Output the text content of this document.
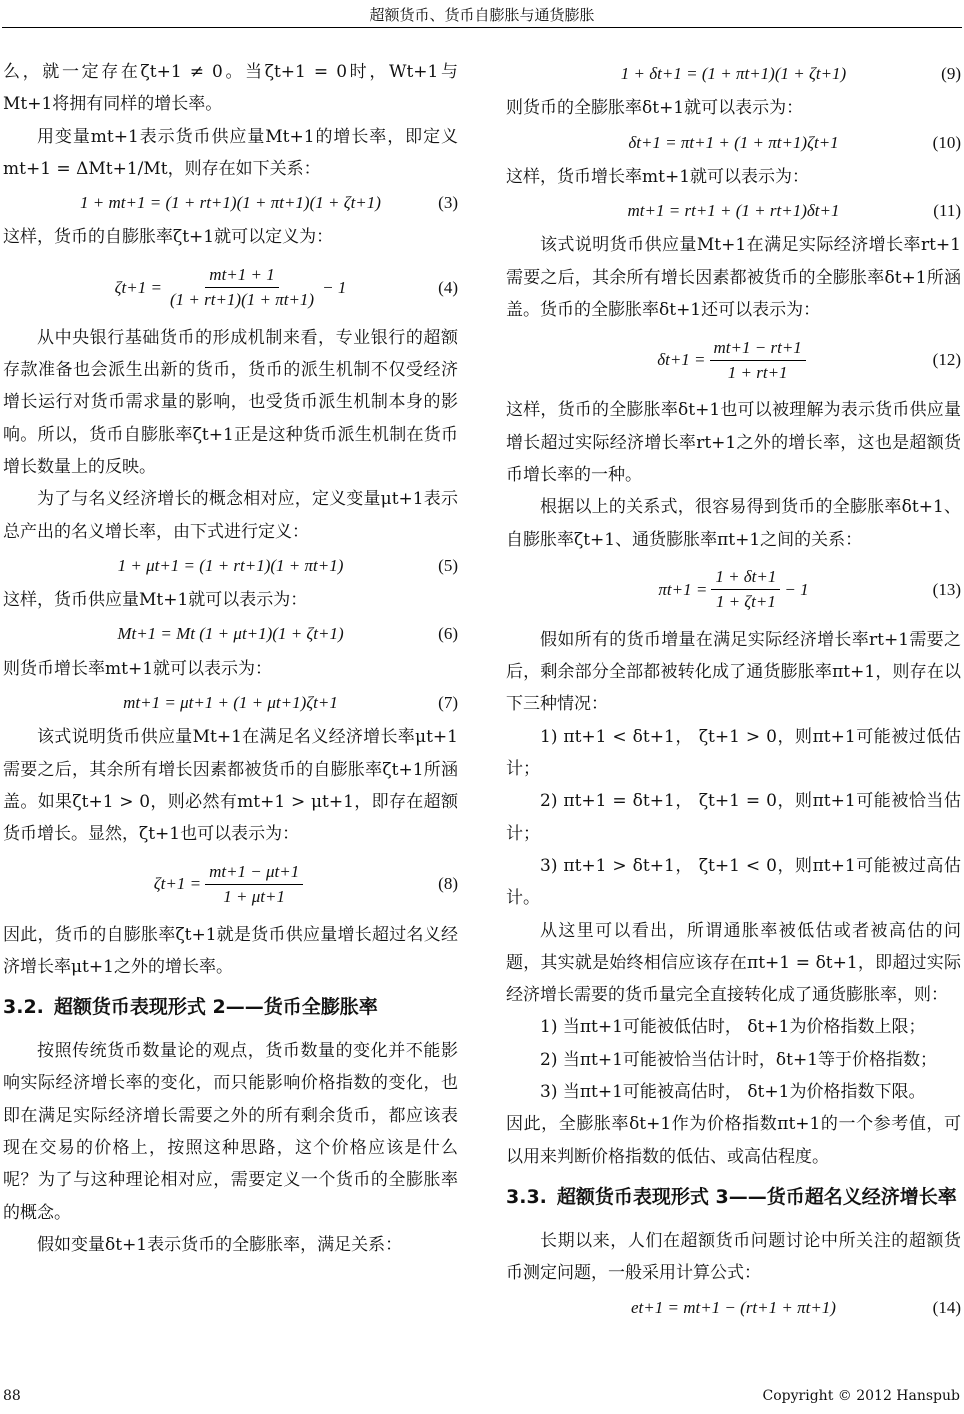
超额货币、货币自膨胀与通货膨胀

么，就一定存在ζt+1 ≠ 0。当ζt+1 = 0时，Wt+1与Mt+1将拥有同样的增长率。

用变量mt+1表示货币供应量Mt+1的增长率，即定义mt+1 = ΔMt+1/Mt，则存在如下关系：

1 + mt+1 = (1 + rt+1)(1 + πt+1)(1 + ζt+1)	(3)

这样，货币的自膨胀率ζt+1就可以定义为：

$\zeta t+1 = \frac{mt+1 + 1}{(1 + rt+1)(1 + \pi t+1)} - 1$	(4)

从中央银行基础货币的形成机制来看，专业银行的超额存款准备也会派生出新的货币，货币的派生机制不仅受经济增长运行对货币需求量的影响，也受货币派生机制本身的影响。所以，货币自膨胀率ζt+1正是这种货币派生机制在货币增长数量上的反映。

为了与名义经济增长的概念相对应，定义变量μt+1表示总产出的名义增长率，由下式进行定义：

1 + μt+1 = (1 + rt+1)(1 + πt+1)	(5)

这样，货币供应量Mt+1就可以表示为：

Mt+1 = Mt (1 + μt+1)(1 + ζt+1)	(6)

则货币增长率mt+1就可以表示为：

mt+1 = μt+1 + (1 + μt+1)ζt+1	(7)

该式说明货币供应量Mt+1在满足名义经济增长率μt+1需要之后，其余所有增长因素都被货币的自膨胀率ζt+1所涵盖。如果ζt+1 > 0，则必然有mt+1 > μt+1，即存在超额货币增长。显然，ζt+1也可以表示为：

$\zeta t+1 = \frac{mt+1 - \mu t+1}{1 + \mu t+1}$	(8)

因此，货币的自膨胀率ζt+1就是货币供应量增长超过名义经济增长率μt+1之外的增长率。

3.2. 超额货币表现形式 2——货币全膨胀率

按照传统货币数量论的观点，货币数量的变化并不能影响实际经济增长率的变化，而只能影响价格指数的变化，也即在满足实际经济增长需要之外的所有剩余货币，都应该表现在交易的价格上，按照这种思路，这个价格应该是什么呢？为了与这种理论相对应，需要定义一个货币的全膨胀率的概念。

假如变量δt+1表示货币的全膨胀率，满足关系：

1 + δt+1 = (1 + πt+1)(1 + ζt+1)	(9)

则货币的全膨胀率δt+1就可以表示为：

δt+1 = πt+1 + (1 + πt+1)ζt+1	(10)

这样，货币增长率mt+1就可以表示为：

mt+1 = rt+1 + (1 + rt+1)δt+1	(11)

该式说明货币供应量Mt+1在满足实际经济增长率rt+1需要之后，其余所有增长因素都被货币的全膨胀率δt+1所涵盖。货币的全膨胀率δt+1还可以表示为：

$\delta t+1 = \frac{mt+1 - rt+1}{1 + rt+1}$	(12)

这样，货币的全膨胀率δt+1也可以被理解为表示货币供应量增长超过实际经济增长率rt+1之外的增长率，这也是超额货币增长率的一种。

根据以上的关系式，很容易得到货币的全膨胀率δt+1、自膨胀率ζt+1、通货膨胀率πt+1之间的关系：

$\pi t+1 = \frac{1 + \delta t+1}{1 + \zeta t+1} - 1$	(13)

假如所有的货币增量在满足实际经济增长率rt+1需要之后，剩余部分全部都被转化成了通货膨胀率πt+1，则存在以下三种情况：

1) πt+1 < δt+1， ζt+1 > 0，则πt+1可能被过低估计；

2) πt+1 = δt+1， ζt+1 = 0，则πt+1可能被恰当估计；

3) πt+1 > δt+1， ζt+1 < 0，则πt+1可能被过高估计。

从这里可以看出，所谓通胀率被低估或者被高估的问题，其实就是始终相信应该存在πt+1 = δt+1，即超过实际经济增长需要的货币量完全直接转化成了通货膨胀率，则：

1) 当πt+1可能被低估时， δt+1为价格指数上限；

2) 当πt+1可能被恰当估计时，δt+1等于价格指数；

3) 当πt+1可能被高估时， δt+1为价格指数下限。

因此，全膨胀率δt+1作为价格指数πt+1的一个参考值，可以用来判断价格指数的低估、或高估程度。

3.3. 超额货币表现形式 3——货币超名义经济增长率

长期以来，人们在超额货币问题讨论中所关注的超额货币测定问题，一般采用计算公式：

et+1 = mt+1 − (rt+1 + πt+1)	(14)
88	Copyright © 2012 Hanspub
